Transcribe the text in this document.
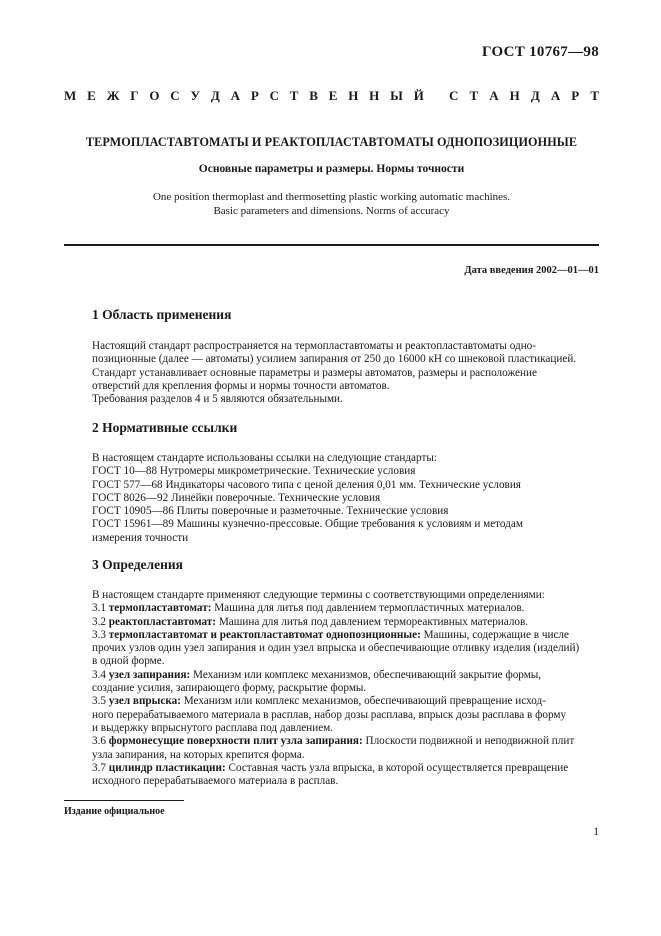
ГОСТ 10767—98
М Е Ж Г О С У Д А Р С Т В Е Н Н Ы Й С Т А Н Д А Р Т
ТЕРМОПЛАСТАВТОМАТЫ И РЕАКТОПЛАСТАВТОМАТЫ ОДНОПОЗИЦИОННЫЕ
Основные параметры и размеры. Нормы точности
One position thermoplast and thermosetting plastic working automatic machines.
Basic parameters and dimensions. Norms of accuracy
Дата введения 2002—01—01
1 Область применения

Настоящий стандарт распространяется на термопластавтоматы и реактопластавтоматы одно-

позиционные (далее — автоматы) усилием запирания от 250 до 16000 кН со шнековой пластикацией.

Стандарт устанавливает основные параметры и размеры автоматов, размеры и расположение

отверстий для крепления формы и нормы точности автоматов.

Требования разделов 4 и 5 являются обязательными.

2 Нормативные ссылки

В настоящем стандарте использованы ссылки на следующие стандарты:

ГОСТ 10—88 Нутромеры микрометрические. Технические условия

ГОСТ 577—68 Индикаторы часового типа с ценой деления 0,01 мм. Технические условия

ГОСТ 8026—92 Линейки поверочные. Технические условия

ГОСТ 10905—86 Плиты поверочные и разметочные. Технические условия

ГОСТ 15961—89 Машины кузнечно-прессовые. Общие требования к условиям и методам

измерения точности

3 Определения

В настоящем стандарте применяют следующие термины с соответствующими определениями:

3.1 термопластавтомат: Машина для литья под давлением термопластичных материалов.

3.2 реактопластавтомат: Машина для литья под давлением термореактивных материалов.

3.3 термопластавтомат и реактопластавтомат однопозиционные: Машины, содержащие в числе

прочих узлов один узел запирания и один узел впрыска и обеспечивающие отливку изделия (изделий)

в одной форме.

3.4 узел запирания: Механизм или комплекс механизмов, обеспечивающий закрытие формы,

создание усилия, запирающего форму, раскрытие формы.

3.5 узел впрыска: Механизм или комплекс механизмов, обеспечивающий превращение исход-

ного перерабатываемого материала в расплав, набор дозы расплава, впрыск дозы расплава в форму

и выдержку впрыснутого расплава под давлением.

3.6 формонесущие поверхности плит узла запирания: Плоскости подвижной и неподвижной плит

узла запирания, на которых крепится форма.

3.7 цилиндр пластикации: Составная часть узла впрыска, в которой осуществляется превращение

исходного перерабатываемого материала в расплав.

Издание официальное
1
